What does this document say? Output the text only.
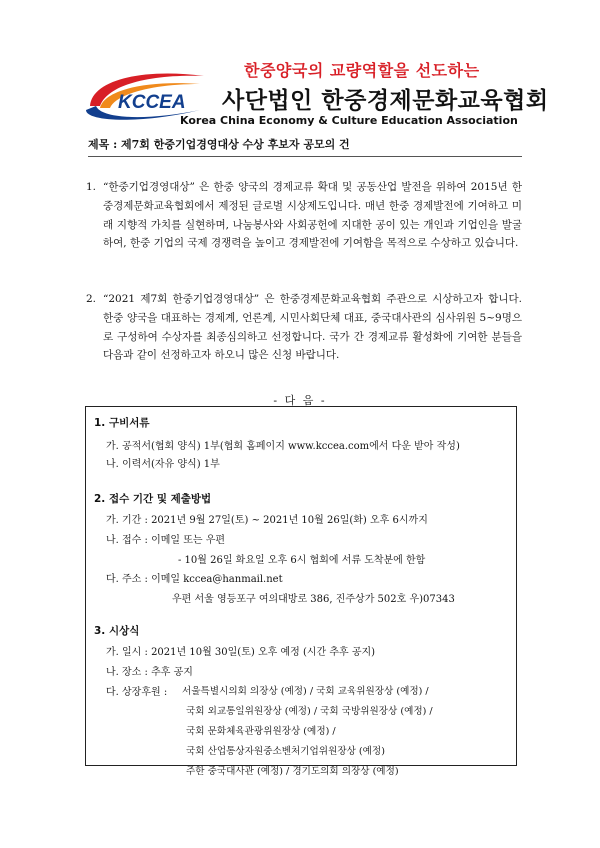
한중양국의 교량역할을 선도하는
KCCEA 사단법인 한중경제문화교육협회
Korea China Economy & Culture Education Association
제목 : 제7회 한중기업경영대상 수상 후보자 공모의 건
1. “한중기업경영대상” 은 한중 양국의 경제교류 확대 및 공동산업 발전을 위하여 2015년 한중경제문화교육협회에서 제정된 글로벌 시상제도입니다. 매년 한중 경제발전에 기여하고 미래 지향적 가치를 실현하며, 나눔봉사와 사회공헌에 지대한 공이 있는 개인과 기업인을 발굴하여, 한중 기업의 국제 경쟁력을 높이고 경제발전에 기여함을 목적으로 수상하고 있습니다.
2. “2021 제7회 한중기업경영대상” 은 한중경제문화교육협회 주관으로 시상하고자 합니다. 한중 양국을 대표하는 경제계, 언론계, 시민사회단체 대표, 중국대사관의 심사위원 5~9명으로 구성하여 수상자를 최종심의하고 선정합니다. 국가 간 경제교류 활성화에 기여한 분들을 다음과 같이 선정하고자 하오니 많은 신청 바랍니다.
- 다 음 -
1. 구비서류
가. 공적서(협회 양식) 1부(협회 홈페이지 www.kccea.com에서 다운 받아 작성)
나. 이력서(자유 양식) 1부
2. 접수 기간 및 제출방법
가. 기간 : 2021년 9월 27일(토) ~ 2021년 10월 26일(화) 오후 6시까지
나. 접수 : 이메일 또는 우편
- 10월 26일 화요일 오후 6시 협회에 서류 도착분에 한함
다. 주소 : 이메일 kccea@hanmail.net
우편 서울 영등포구 여의대방로 386, 진주상가 502호 우)07343
3. 시상식
가. 일시 : 2021년 10월 30일(토) 오후 예정 (시간 추후 공지)
나. 장소 : 추후 공지
다. 상장후원 : 서울특별시의회 의장상 (예정) / 국회 교육위원장상 (예정) /
국회 외교통일위원장상 (예정) / 국회 국방위원장상 (예정) /
국회 문화체육관광위원장상 (예정) /
국회 산업통상자원중소벤처기업위원장상 (예정)
주한 중국대사관 (예정) / 경기도의회 의장상 (예정)
